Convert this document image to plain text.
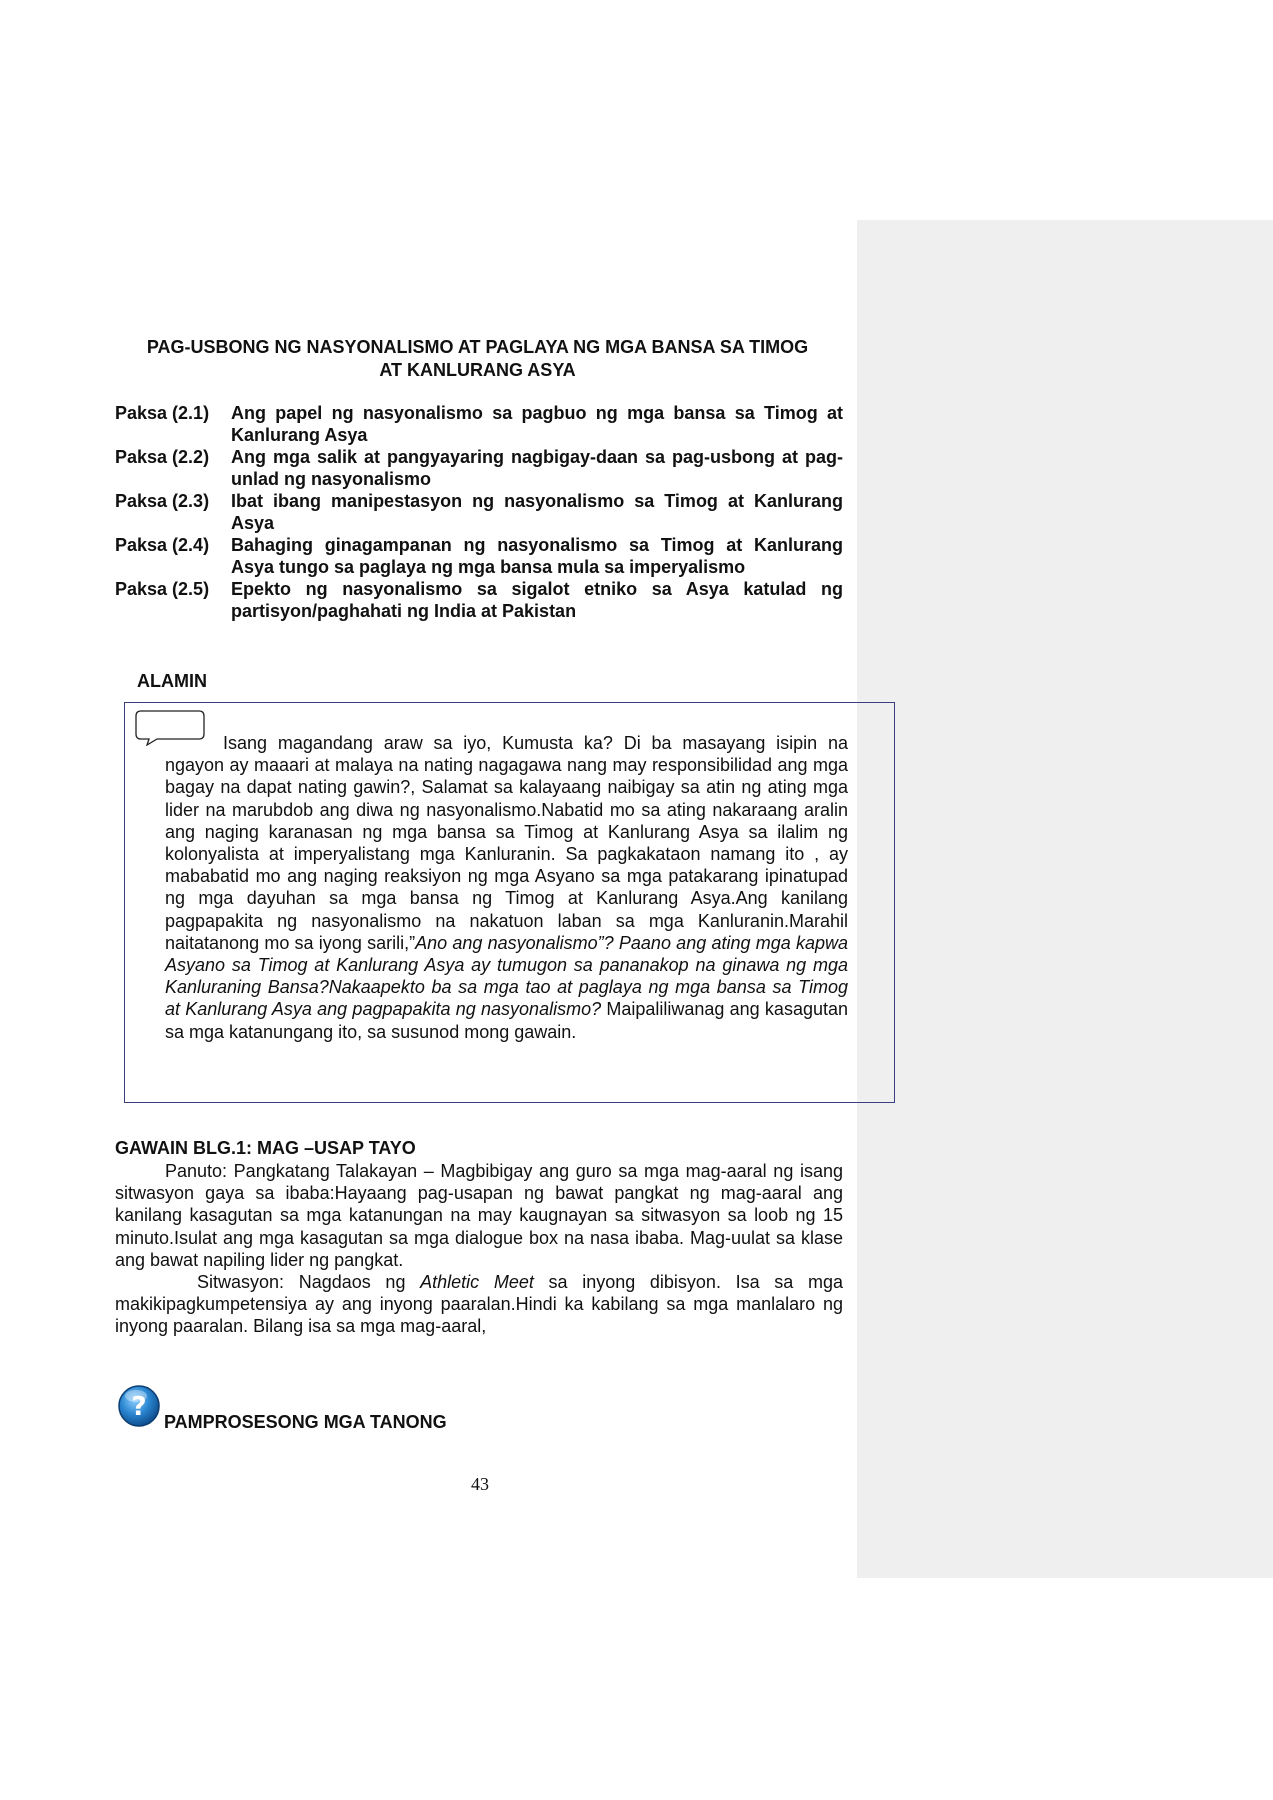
PAG-USBONG NG NASYONALISMO AT PAGLAYA NG MGA BANSA SA TIMOG
AT KANLURANG ASYA
Paksa (2.1)	Ang papel ng nasyonalismo sa pagbuo ng mga bansa sa Timog at Kanlurang Asya
Paksa (2.2)	Ang mga salik at pangyayaring nagbigay-daan sa pag-usbong at pag-unlad ng nasyonalismo
Paksa (2.3)	Ibat ibang manipestasyon ng nasyonalismo sa Timog at Kanlurang Asya
Paksa (2.4)	Bahaging ginagampanan ng nasyonalismo sa Timog at Kanlurang Asya tungo sa paglaya ng mga bansa mula sa imperyalismo
Paksa (2.5)	Epekto ng nasyonalismo sa sigalot etniko sa Asya katulad ng partisyon/paghahati ng India at Pakistan
ALAMIN
Isang magandang araw sa iyo, Kumusta ka? Di ba masayang isipin na ngayon ay maaari at malaya na nating nagagawa nang may responsibilidad ang mga bagay na dapat nating gawin?, Salamat sa kalayaang naibigay sa atin ng ating mga lider na marubdob ang diwa ng nasyonalismo.Nabatid mo sa ating nakaraang aralin ang naging karanasan ng mga bansa sa Timog at Kanlurang Asya sa ilalim ng kolonyalista at imperyalistang mga Kanluranin. Sa pagkakataon namang ito , ay mababatid mo ang naging reaksiyon ng mga Asyano sa mga patakarang ipinatupad ng mga dayuhan sa mga bansa ng Timog at Kanlurang Asya.Ang kanilang pagpapakita ng nasyonalismo na nakatuon laban sa mga Kanluranin.Marahil naitatanong mo sa iyong sarili,”Ano ang nasyonalismo”? Paano ang ating mga kapwa Asyano sa Timog at Kanlurang Asya ay tumugon sa pananakop na ginawa ng mga Kanluraning Bansa?Nakaapekto ba sa mga tao at paglaya ng mga bansa sa Timog at Kanlurang Asya ang pagpapakita ng nasyonalismo? Maipaliliwanag ang kasagutan sa mga katanungang ito, sa susunod mong gawain.
GAWAIN BLG.1: MAG –USAP TAYO

Panuto: Pangkatang Talakayan – Magbibigay ang guro sa mga mag-aaral ng isang sitwasyon gaya sa ibaba:Hayaang pag-usapan ng bawat pangkat ng mag-aaral ang kanilang kasagutan sa mga katanungan na may kaugnayan sa sitwasyon sa loob ng 15 minuto.Isulat ang mga kasagutan sa mga dialogue box na nasa ibaba. Mag-uulat sa klase ang bawat napiling lider ng pangkat.

Sitwasyon: Nagdaos ng Athletic Meet sa inyong dibisyon. Isa sa mga makikipagkumpetensiya ay ang inyong paaralan.Hindi ka kabilang sa mga manlalaro ng inyong paaralan. Bilang isa sa mga mag-aaral,

? PAMPROSESONG MGA TANONG
43
